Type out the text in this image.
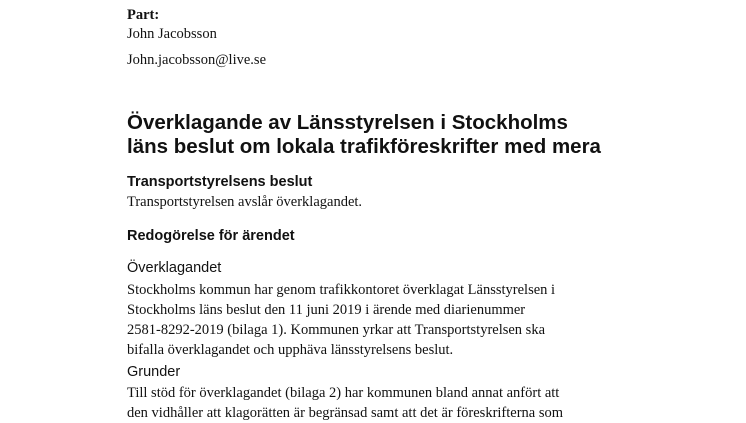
Part:
John Jacobsson
John.jacobsson@live.se
Överklagande av Länsstyrelsen i Stockholms
läns beslut om lokala trafikföreskrifter med mera
Transportstyrelsens beslut
Transportstyrelsen avslår överklagandet.
Redogörelse för ärendet
Överklagandet
Stockholms kommun har genom trafikkontoret överklagat Länsstyrelsen i
Stockholms läns beslut den 11 juni 2019 i ärende med diarienummer
2581-8292-2019 (bilaga 1). Kommunen yrkar att Transportstyrelsen ska
bifalla överklagandet och upphäva länsstyrelsens beslut.
Grunder
Till stöd för överklagandet (bilaga 2) har kommunen bland annat anfört att
den vidhåller att klagorätten är begränsad samt att det är föreskrifterna som
